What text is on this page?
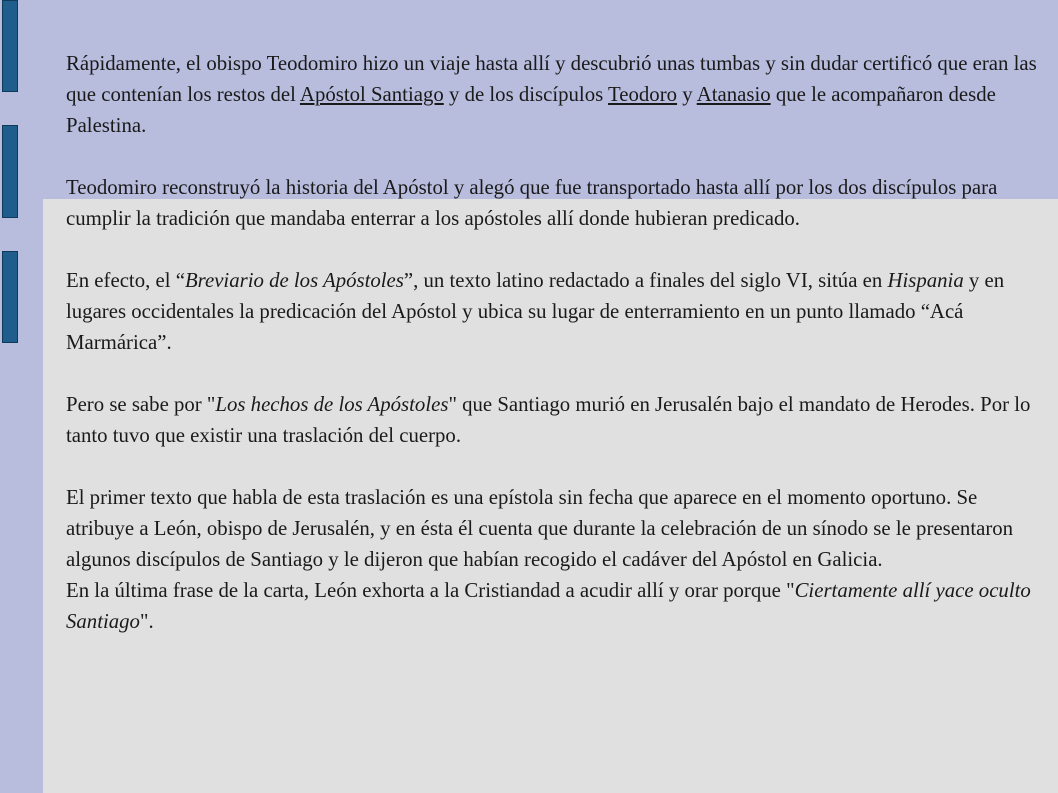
Rápidamente, el obispo Teodomiro hizo un viaje hasta allí y descubrió unas tumbas y sin dudar certificó que eran las que contenían los restos del Apóstol Santiago y de los discípulos Teodoro y Atanasio que le acompañaron desde Palestina.

Teodomiro reconstruyó la historia del Apóstol y alegó que fue transportado hasta allí por los dos discípulos para cumplir la tradición que mandaba enterrar a los apóstoles allí donde hubieran predicado.

En efecto, el “Breviario de los Apóstoles”, un texto latino redactado a finales del siglo VI, sitúa en Hispania y en lugares occidentales la predicación del Apóstol y ubica su lugar de enterramiento en un punto llamado “Acá Marmárica”.

Pero se sabe por "Los hechos de los Apóstoles" que Santiago murió en Jerusalén bajo el mandato de Herodes. Por lo tanto tuvo que existir una traslación del cuerpo.

El primer texto que habla de esta traslación es una epístola sin fecha que aparece en el momento oportuno. Se atribuye a León, obispo de Jerusalén, y en ésta él cuenta que durante la celebración de un sínodo se le presentaron algunos discípulos de Santiago y le dijeron que habían recogido el cadáver del Apóstol en Galicia.

En la última frase de la carta, León exhorta a la Cristiandad a acudir allí y orar porque "Ciertamente allí yace oculto Santiago".
